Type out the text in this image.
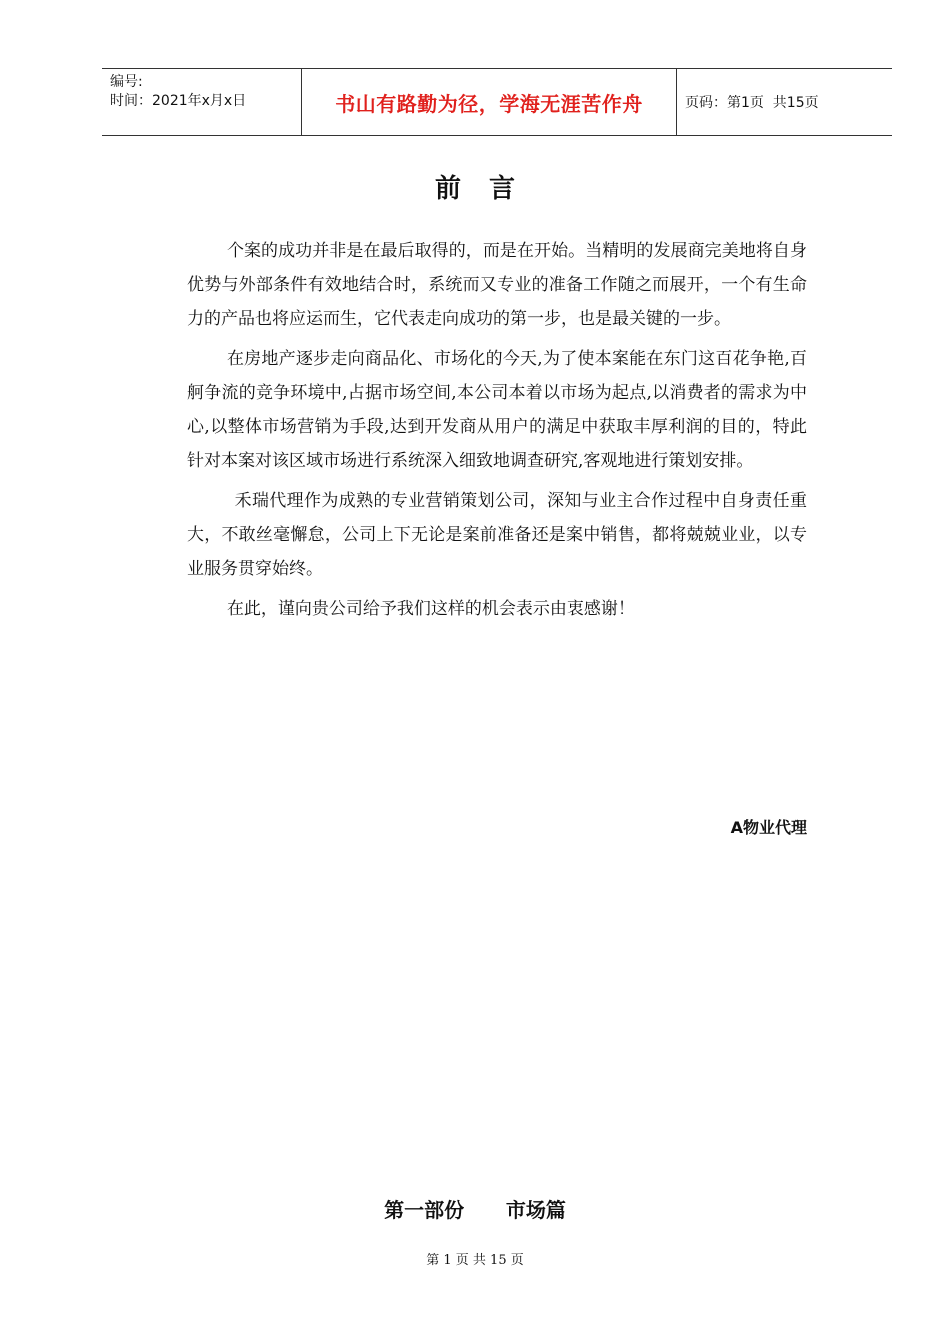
编号:
时间：2021年x月x日	书山有路勤为径，学海无涯苦作舟	页码：第1页  共15页
前言

个案的成功并非是在最后取得的，而是在开始。当精明的发展商完美地将自身优势与外部条件有效地结合时，系统而又专业的准备工作随之而展开，一个有生命力的产品也将应运而生，它代表走向成功的第一步，也是最关键的一步。

在房地产逐步走向商品化、市场化的今天,为了使本案能在东门这百花争艳,百舸争流的竞争环境中,占据市场空间,本公司本着以市场为起点,以消费者的需求为中心,以整体市场营销为手段,达到开发商从用户的满足中获取丰厚利润的目的，特此针对本案对该区域市场进行系统深入细致地调查研究,客观地进行策划安排。

禾瑞代理作为成熟的专业营销策划公司，深知与业主合作过程中自身责任重大，不敢丝毫懈怠，公司上下无论是案前准备还是案中销售，都将兢兢业业，以专业服务贯穿始终。

在此，谨向贵公司给予我们这样的机会表示由衷感谢！

A物业代理
第一部份      市场篇
第 1 页 共 15 页
